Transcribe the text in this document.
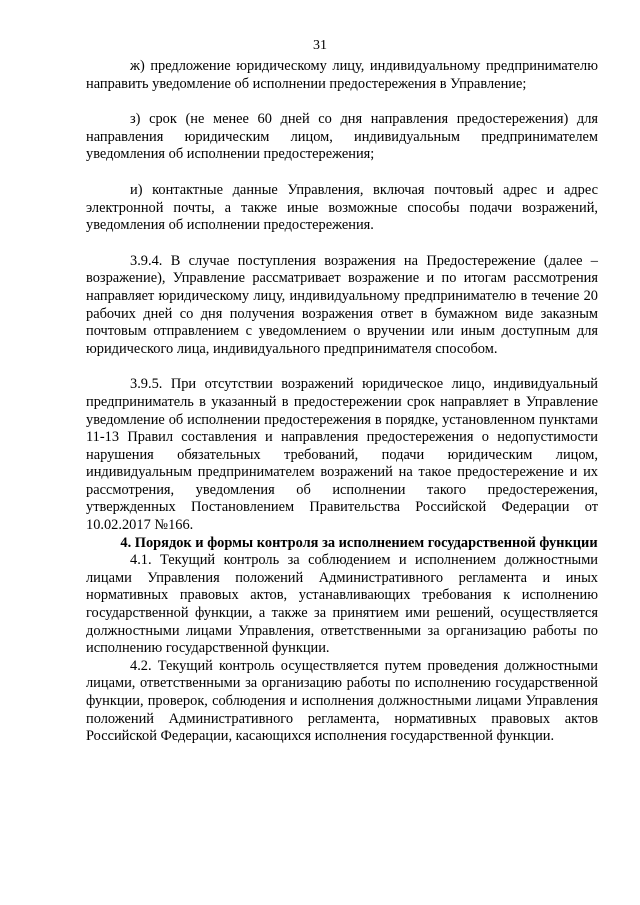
31

ж) предложение юридическому лицу, индивидуальному предпринимателю направить уведомление об исполнении предостережения в Управление;

з) срок (не менее 60 дней со дня направления предостережения) для направления юридическим лицом, индивидуальным предпринимателем уведомления об исполнении предостережения;

и) контактные данные Управления, включая почтовый адрес и адрес электронной почты, а также иные возможные способы подачи возражений, уведомления об исполнении предостережения.

3.9.4. В случае поступления возражения на Предостережение (далее – возражение), Управление рассматривает возражение и по итогам рассмотрения направляет юридическому лицу, индивидуальному предпринимателю в течение 20 рабочих дней со дня получения возражения ответ в бумажном виде заказным почтовым отправлением с уведомлением о вручении или иным доступным для юридического лица, индивидуального предпринимателя способом.

3.9.5. При отсутствии возражений юридическое лицо, индивидуальный предприниматель в указанный в предостережении срок направляет в Управление уведомление об исполнении предостережения в порядке, установленном пунктами 11-13 Правил составления и направления предостережения о недопустимости нарушения обязательных требований, подачи юридическим лицом, индивидуальным предпринимателем возражений на такое предостережение и их рассмотрения, уведомления об исполнении такого предостережения, утвержденных Постановлением Правительства Российской Федерации от 10.02.2017 №166.

4. Порядок и формы контроля за исполнением государственной функции

4.1. Текущий контроль за соблюдением и исполнением должностными лицами Управления положений Административного регламента и иных нормативных правовых актов, устанавливающих требования к исполнению государственной функции, а также за принятием ими решений, осуществляется должностными лицами Управления, ответственными за организацию работы по исполнению государственной функции.

4.2. Текущий контроль осуществляется путем проведения должностными лицами, ответственными за организацию работы по исполнению государственной функции, проверок, соблюдения и исполнения должностными лицами Управления положений Административного регламента, нормативных правовых актов Российской Федерации, касающихся исполнения государственной функции.
